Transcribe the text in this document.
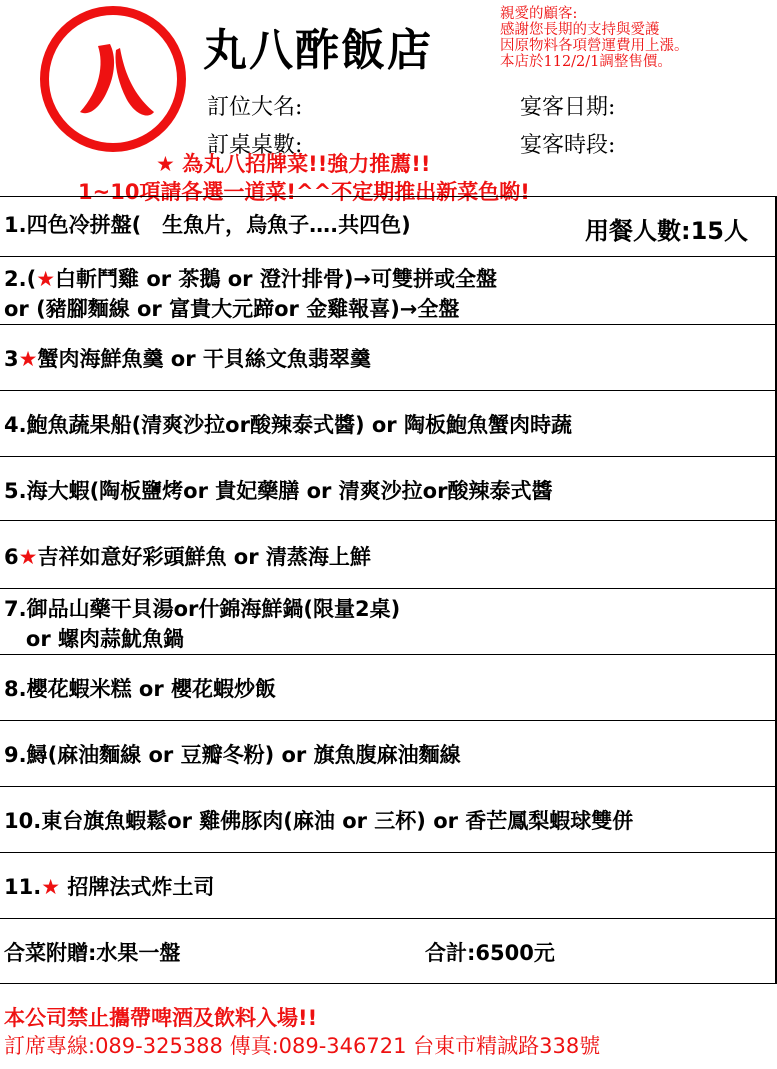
丸八酢飯店
親愛的顧客:
感謝您長期的支持與愛護
因原物料各項營運費用上漲。
本店於112/2/1調整售價。
訂位大名:
訂桌桌數:
宴客日期:
宴客時段:
★ 為丸八招牌菜!!強力推薦!!
1~10項請各選一道菜!^^不定期推出新菜色喲!
1.四色冷拼盤(　生魚片，烏魚子….共四色)	用餐人數:15人
2.(★白斬鬥雞 or 茶鵝 or 澄汁排骨)→可雙拼或全盤
or (豬腳麵線 or 富貴大元蹄or 金雞報喜)→全盤
3★蟹肉海鮮魚羹 or 干貝絲文魚翡翠羹
4.鮑魚蔬果船(清爽沙拉or酸辣泰式醬) or 陶板鮑魚蟹肉時蔬
5.海大蝦(陶板鹽烤or 貴妃藥膳 or 清爽沙拉or酸辣泰式醬
6★吉祥如意好彩頭鮮魚 or 清蒸海上鮮
7.御品山藥干貝湯or什錦海鮮鍋(限量2桌)
or 螺肉蒜魷魚鍋
8.櫻花蝦米糕 or 櫻花蝦炒飯
9.鱘(麻油麵線 or 豆瓣冬粉) or 旗魚腹麻油麵線
10.東台旗魚蝦鬆or 雞佛豚肉(麻油 or 三杯) or 香芒鳳梨蝦球雙併
11.★ 招牌法式炸土司
合菜附贈:水果一盤	合計:6500元
本公司禁止攜帶啤酒及飲料入場!!
訂席專線:089-325388 傳真:089-346721 台東市精誠路338號
